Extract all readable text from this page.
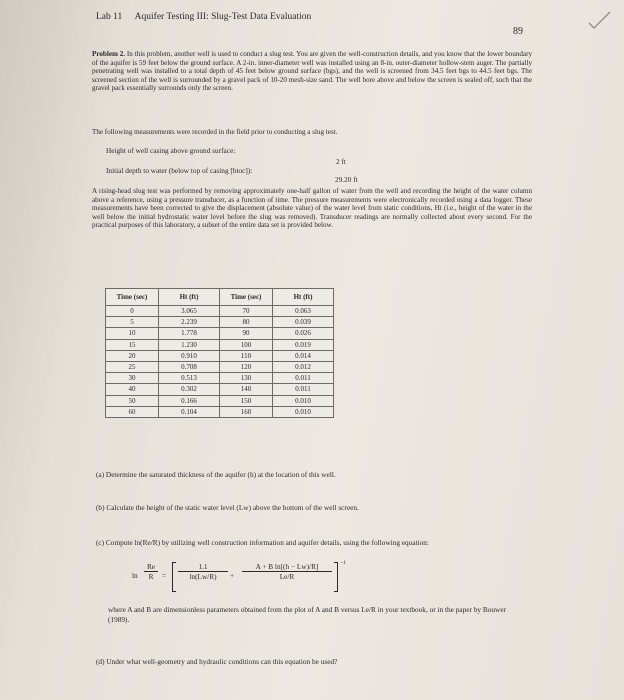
Lab 11 Aquifer Testing III: Slug-Test Data Evaluation
89
Problem 2. In this problem, another well is used to conduct a slug test. You are given the well-construction details, and you know that the lower boundary of the aquifer is 59 feet below the ground surface. A 2-in. inner-diameter well was installed using an 8-in. outer-diameter hollow-stem auger. The partially penetrating well was installed to a total depth of 45 feet below ground surface (bgs), and the well is screened from 34.5 feet bgs to 44.5 feet bgs. The screened section of the well is surrounded by a gravel pack of 10-20 mesh-size sand. The well bore above and below the screen is sealed off, such that the gravel pack essentially surrounds only the screen.
The following measurements were recorded in the field prior to conducting a slug test.
Height of well casing above ground surface:
2 ft
Initial depth to water (below top of casing [btoc]):
29.20 ft
A rising-head slug test was performed by removing approximately one-half gallon of water from the well and recording the height of the water column above a reference, using a pressure transducer, as a function of time. The pressure measurements were electronically recorded using a data logger. These measurements have been corrected to give the displacement (absolute value) of the water level from static conditions, Ht (i.e., height of the water in the well below the initial hydrostatic water level before the slug was removed). Transducer readings are normally collected about every second. For the practical purposes of this laboratory, a subset of the entire data set is provided below.
Time (sec)	Ht (ft)	Time (sec)	Ht (ft)
0	3.065	70	0.063
5	2.239	80	0.039
10	1.778	90	0.026
15	1.230	100	0.019
20	0.910	110	0.014
25	0.708	120	0.012
30	0.513	130	0.011
40	0.302	140	0.011
50	0.166	150	0.010
60	0.104	160	0.010
(a) Determine the saturated thickness of the aquifer (h) at the location of this well.
(b) Calculate the height of the static water level (Lw) above the bottom of the well screen.
(c) Compute ln(Re/R) by utilizing well construction information and aquifer details, using the following equation:
$\ln \frac{Re}{R} = \frac{1.1}{\ln(Lw/R)} + \frac{\text{A + B ln[(h − Lw)/R]}}{Le/R} -1$
where A and B are dimensionless parameters obtained from the plot of A and B versus Le/R in your textbook, or in the paper by Bouwer (1989).
(d) Under what well-geometry and hydraulic conditions can this equation be used?
